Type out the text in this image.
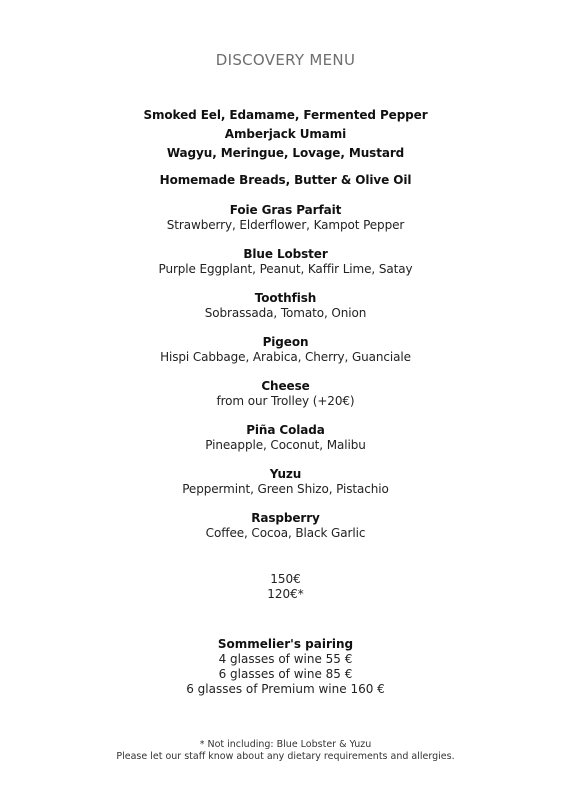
DISCOVERY MENU
Smoked Eel, Edamame, Fermented Pepper
Amberjack Umami
Wagyu, Meringue, Lovage, Mustard
Homemade Breads, Butter & Olive Oil
Foie Gras Parfait
Strawberry, Elderflower, Kampot Pepper
Blue Lobster
Purple Eggplant, Peanut, Kaffir Lime, Satay
Toothfish
Sobrassada, Tomato, Onion
Pigeon
Hispi Cabbage, Arabica, Cherry, Guanciale
Cheese
from our Trolley (+20€)
Piña Colada
Pineapple, Coconut, Malibu
Yuzu
Peppermint, Green Shizo, Pistachio
Raspberry
Coffee, Cocoa, Black Garlic
150€
120€*
Sommelier's pairing
4 glasses of wine 55 €
6 glasses of wine 85 €
6 glasses of Premium wine 160 €
* Not including: Blue Lobster & Yuzu
Please let our staff know about any dietary requirements and allergies.
